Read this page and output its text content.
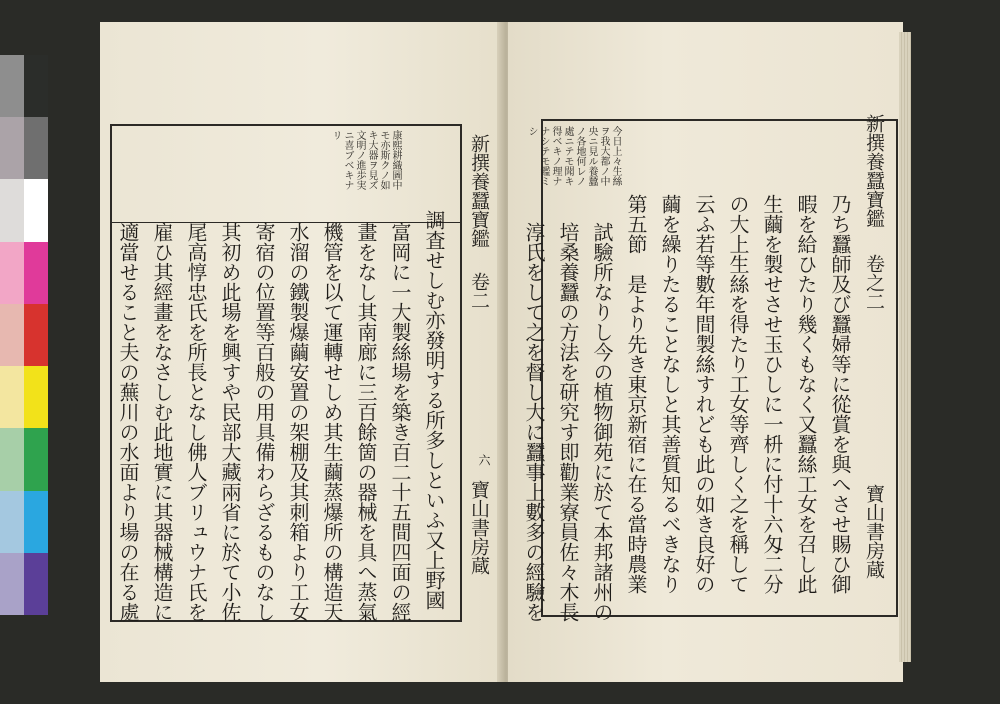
新撰養蠶寶鑑
卷二
六
寶山書房蔵
康熙耕織圖中
モ亦斯クノ如
キ大器ヲ見ズ
文明ノ進歩実
ニ喜ブベキナ
リ
調査せしむ亦發明する所多しといふ又上野國
富岡に一大製絲場を築き百二十五間四面の經
畫をなし其南廊に三百餘箇の器械を具へ蒸氣
機管を以て運轉せしめ其生繭蒸爆所の構造天
水溜の鐵製爆繭安置の架棚及其刺箱より工女
寄宿の位置等百般の用具備わらざるものなし
其初め此場を興すや民部大藏兩省に於て小佐
尾高惇忠氏を所長となし佛人ブリュウナ氏を
雇ひ其經畫をなさしむ此地實に其器械構造に
適當せること夫の蕪川の水面より場の在る處
今日上々生絲
ヲ我大都ノ中
央ニ見ル養蠶
ノ各地何レノ
處ニテモ聞キ
得ベキノ理ナ
ナシテモ鑑ミ
シ	新撰養蠶寶鑑
卷之二
寶山書房蔵
乃ち蠶師及び蠶婦等に從賞を與へさせ賜ひ御
暇を給ひたり幾くもなく又蠶絲工女を召し此
生繭を製せさせ玉ひしに一枡に付十六匁二分
の大上生絲を得たり工女等齊しく之を稱して
云ふ若等數年間製絲すれども此の如き良好の
繭を繰りたることなしと其善質知るべきなり
第五節　是より先き東京新宿に在る當時農業
試驗所なりし今の植物御苑に於て本邦諸州の
培桑養蠶の方法を研究す即勸業寮員佐々木長
淳氏をして之を督し大に蠶事上數多の經驗を
